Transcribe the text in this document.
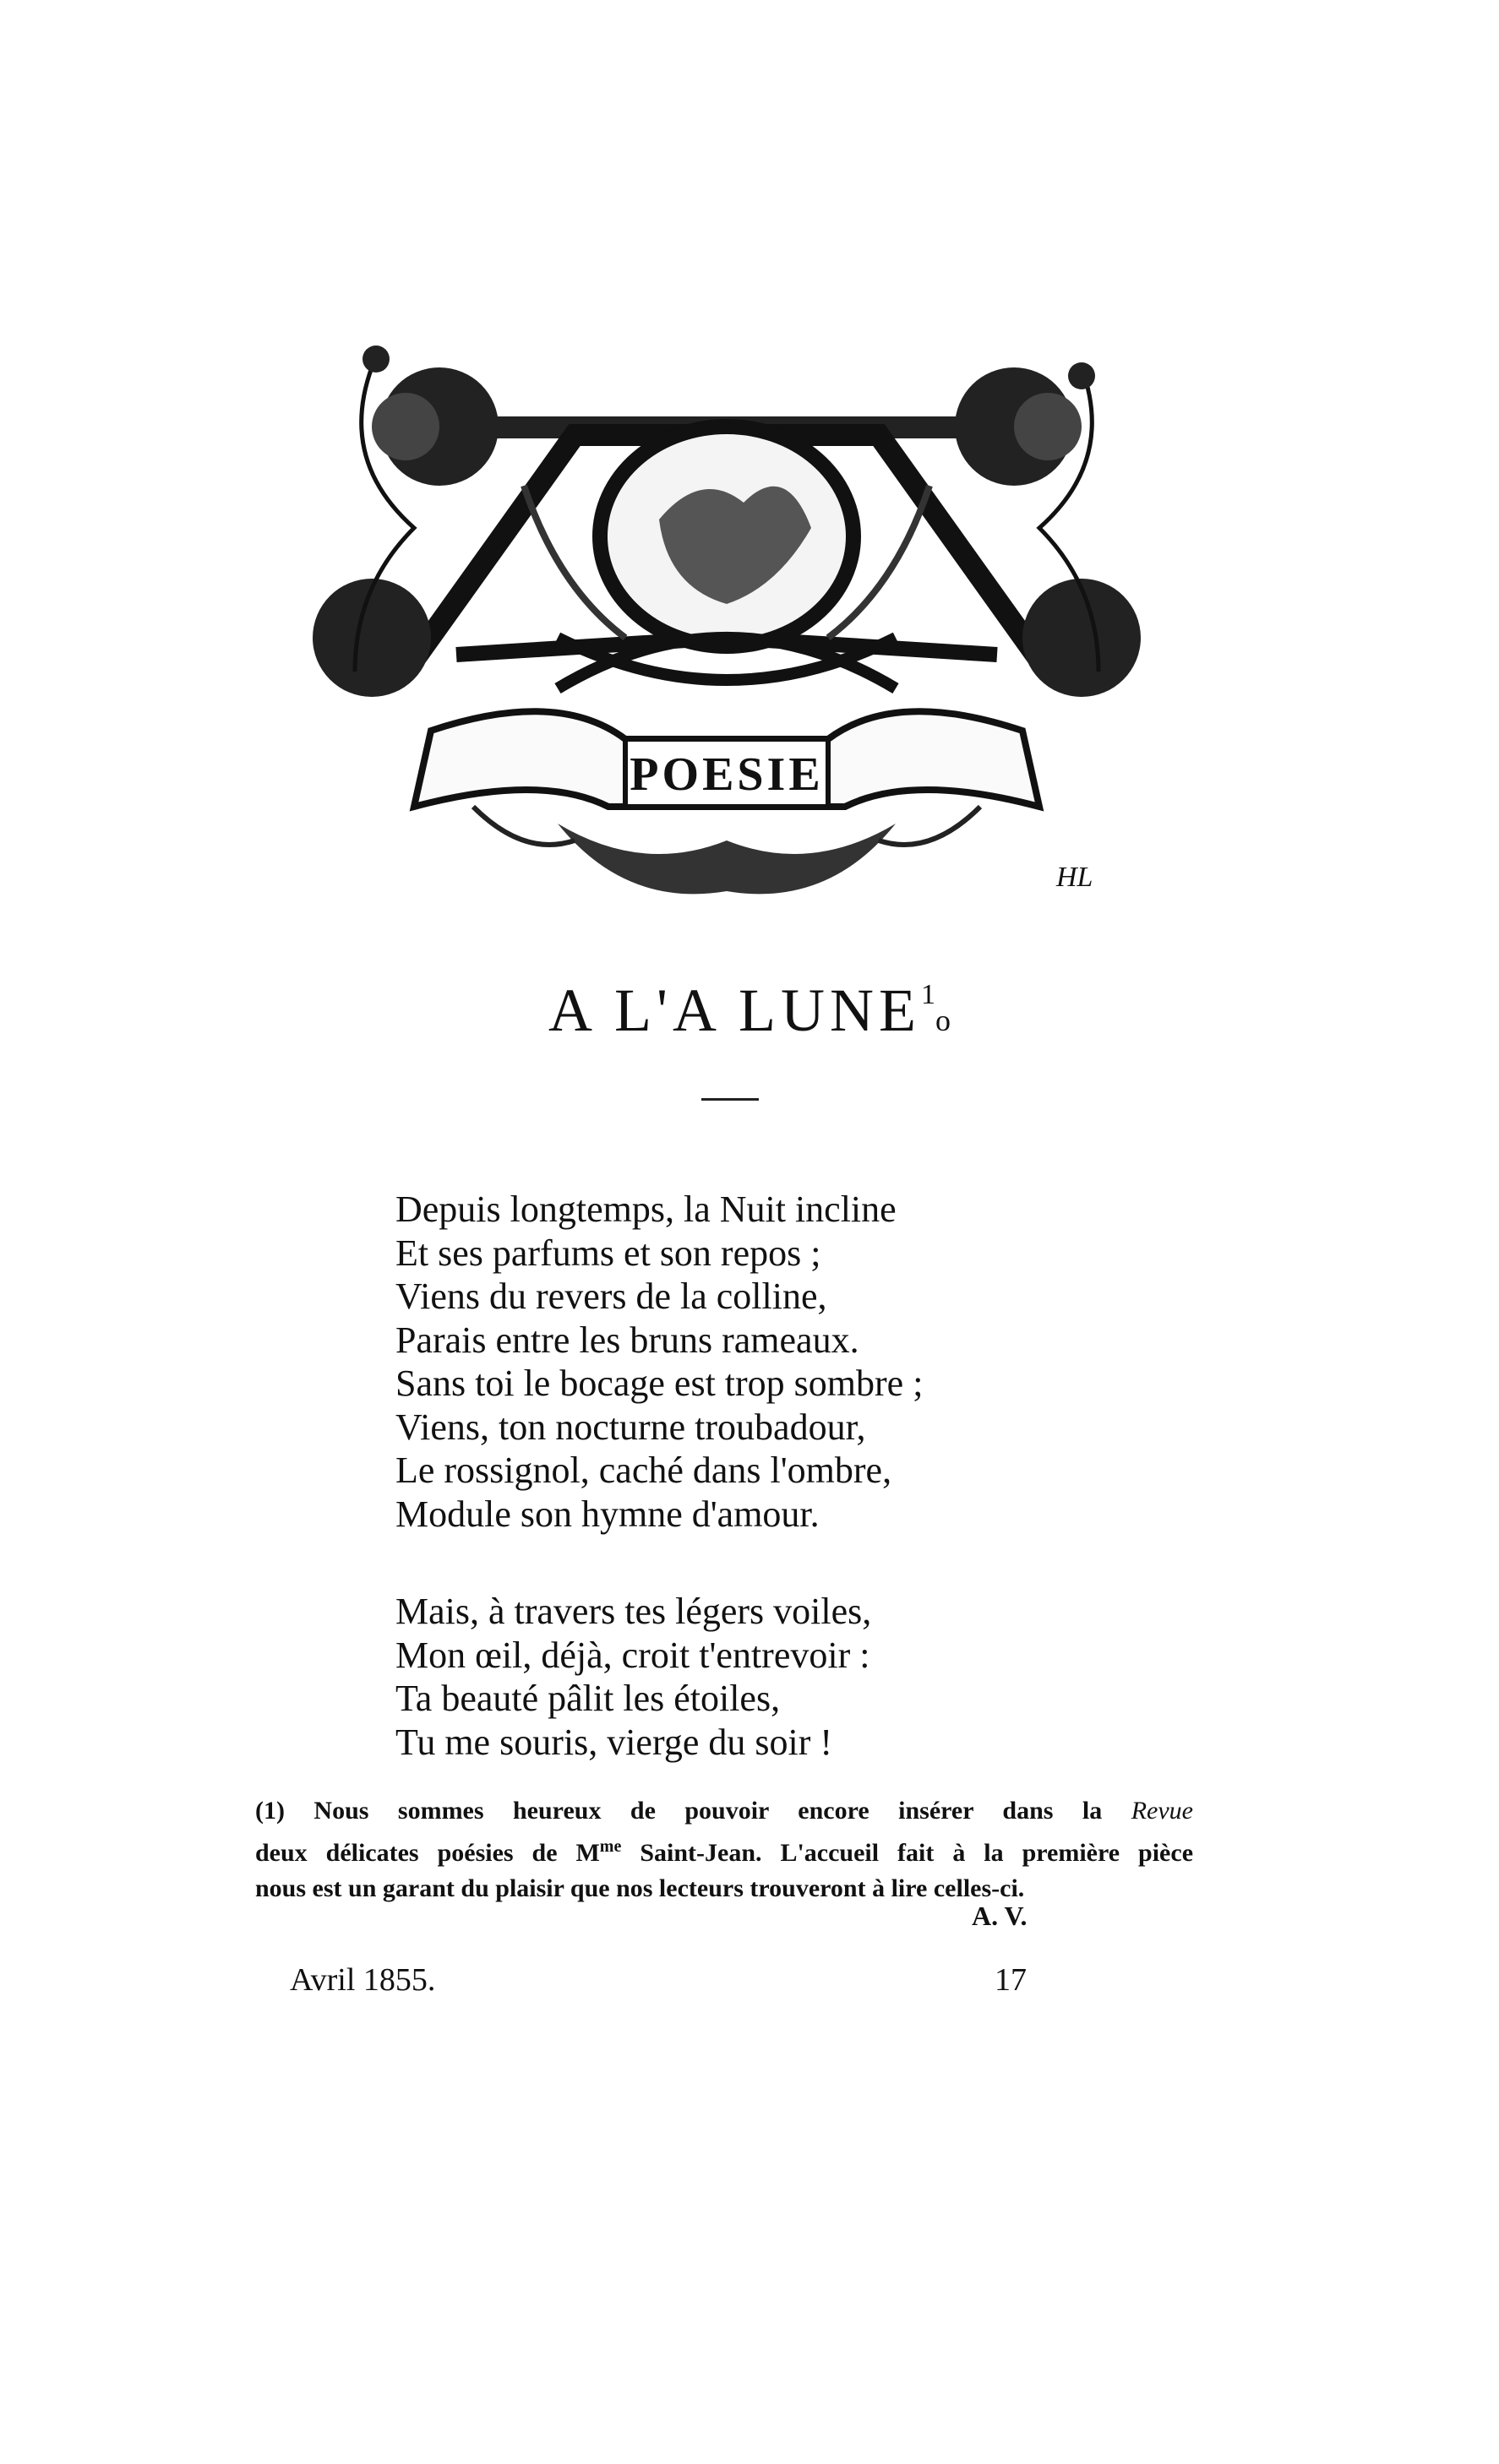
POESIE
HL
A L'A LUNE$^1$o
Depuis longtemps, la Nuit incline
Et ses parfums et son repos ;
Viens du revers de la colline,
Parais entre les bruns rameaux.
Sans toi le bocage est trop sombre ;
Viens, ton nocturne troubadour,
Le rossignol, caché dans l'ombre,
Module son hymne d'amour.
Mais, à travers tes légers voiles,
Mon œil, déjà, croit t'entrevoir :
Ta beauté pâlit les étoiles,
Tu me souris, vierge du soir !
(1) Nous sommes heureux de pouvoir encore insérer dans la Revue
deux délicates poésies de $M^{me}$ Saint-Jean. L'accueil fait à la première pièce
nous est un garant du plaisir que nos lecteurs trouveront à lire celles-ci.
A. V.
Avril 1855.	17
